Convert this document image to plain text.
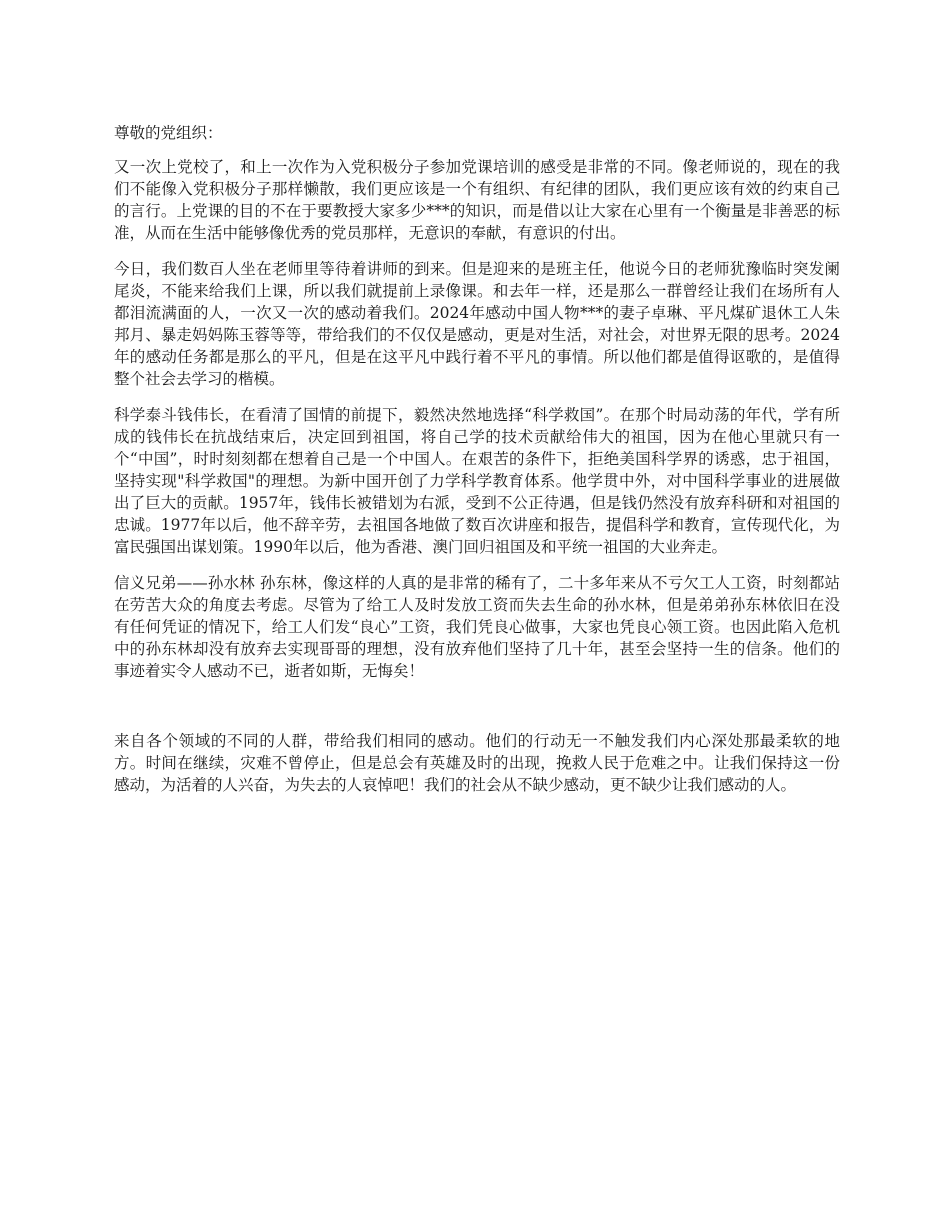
尊敬的党组织：

又一次上党校了，和上一次作为入党积极分子参加党课培训的感受是非常的不同。像老师说的，现在的我们不能像入党积极分子那样懒散，我们更应该是一个有组织、有纪律的团队，我们更应该有效的约束自己的言行。上党课的目的不在于要教授大家多少***的知识，而是借以让大家在心里有一个衡量是非善恶的标准，从而在生活中能够像优秀的党员那样，无意识的奉献，有意识的付出。

今日，我们数百人坐在老师里等待着讲师的到来。但是迎来的是班主任，他说今日的老师犹豫临时突发阑尾炎，不能来给我们上课，所以我们就提前上录像课。和去年一样，还是那么一群曾经让我们在场所有人都泪流满面的人，一次又一次的感动着我们。2024年感动中国人物***的妻子卓琳、平凡煤矿退休工人朱邦月、暴走妈妈陈玉蓉等等，带给我们的不仅仅是感动，更是对生活，对社会，对世界无限的思考。2024年的感动任务都是那么的平凡，但是在这平凡中践行着不平凡的事情。所以他们都是值得讴歌的，是值得整个社会去学习的楷模。

科学泰斗钱伟长，在看清了国情的前提下，毅然决然地选择“科学救国”。在那个时局动荡的年代，学有所成的钱伟长在抗战结束后，决定回到祖国，将自己学的技术贡献给伟大的祖国，因为在他心里就只有一个“中国”，时时刻刻都在想着自己是一个中国人。在艰苦的条件下，拒绝美国科学界的诱惑，忠于祖国，坚持实现"科学救国"的理想。为新中国开创了力学科学教育体系。他学贯中外，对中国科学事业的进展做出了巨大的贡献。1957年，钱伟长被错划为右派，受到不公正待遇，但是钱仍然没有放弃科研和对祖国的忠诚。1977年以后，他不辞辛劳，去祖国各地做了数百次讲座和报告，提倡科学和教育，宣传现代化，为富民强国出谋划策。1990年以后，他为香港、澳门回归祖国及和平统一祖国的大业奔走。

信义兄弟——孙水林 孙东林，像这样的人真的是非常的稀有了，二十多年来从不亏欠工人工资，时刻都站在劳苦大众的角度去考虑。尽管为了给工人及时发放工资而失去生命的孙水林，但是弟弟孙东林依旧在没有任何凭证的情况下，给工人们发“良心”工资，我们凭良心做事，大家也凭良心领工资。也因此陷入危机中的孙东林却没有放弃去实现哥哥的理想，没有放弃他们坚持了几十年，甚至会坚持一生的信条。他们的事迹着实令人感动不已，逝者如斯，无悔矣！

来自各个领域的不同的人群，带给我们相同的感动。他们的行动无一不触发我们内心深处那最柔软的地方。时间在继续，灾难不曾停止，但是总会有英雄及时的出现，挽救人民于危难之中。让我们保持这一份感动，为活着的人兴奋，为失去的人哀悼吧！我们的社会从不缺少感动，更不缺少让我们感动的人。
